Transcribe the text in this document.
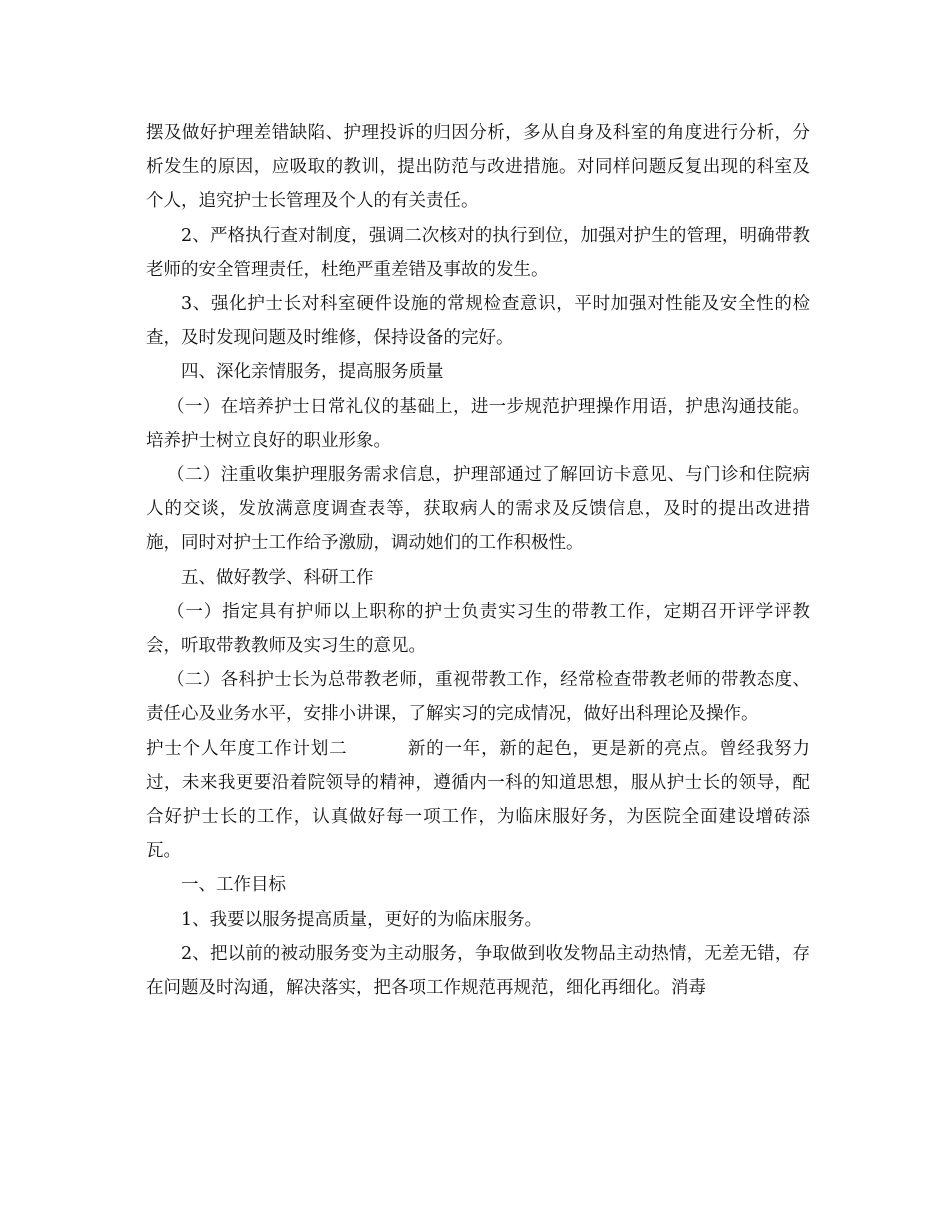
摆及做好护理差错缺陷、护理投诉的归因分析，多从自身及科室的角度进行分析，分析发生的原因，应吸取的教训，提出防范与改进措施。对同样问题反复出现的科室及个人，追究护士长管理及个人的有关责任。

2、严格执行查对制度，强调二次核对的执行到位，加强对护生的管理，明确带教老师的安全管理责任，杜绝严重差错及事故的发生。

3、强化护士长对科室硬件设施的常规检查意识，平时加强对性能及安全性的检查，及时发现问题及时维修，保持设备的完好。

四、深化亲情服务，提高服务质量

（一）在培养护士日常礼仪的基础上，进一步规范护理操作用语，护患沟通技能。培养护士树立良好的职业形象。

（二）注重收集护理服务需求信息，护理部通过了解回访卡意见、与门诊和住院病人的交谈，发放满意度调查表等，获取病人的需求及反馈信息，及时的提出改进措施，同时对护士工作给予激励，调动她们的工作积极性。

五、做好教学、科研工作

（一）指定具有护师以上职称的护士负责实习生的带教工作，定期召开评学评教会，听取带教教师及实习生的意见。

（二）各科护士长为总带教老师，重视带教工作，经常检查带教老师的带教态度、责任心及业务水平，安排小讲课，了解实习的完成情况，做好出科理论及操作。

护士个人年度工作计划二	新的一年，新的起色，更是新的亮点。曾经我努力过，未来我更要沿着院领导的精神，遵循内一科的知道思想，服从护士长的领导，配合好护士长的工作，认真做好每一项工作，为临床服好务，为医院全面建设增砖添瓦。

一、工作目标

1、我要以服务提高质量，更好的为临床服务。

2、把以前的被动服务变为主动服务，争取做到收发物品主动热情，无差无错，存在问题及时沟通，解决落实，把各项工作规范再规范，细化再细化。消毒
